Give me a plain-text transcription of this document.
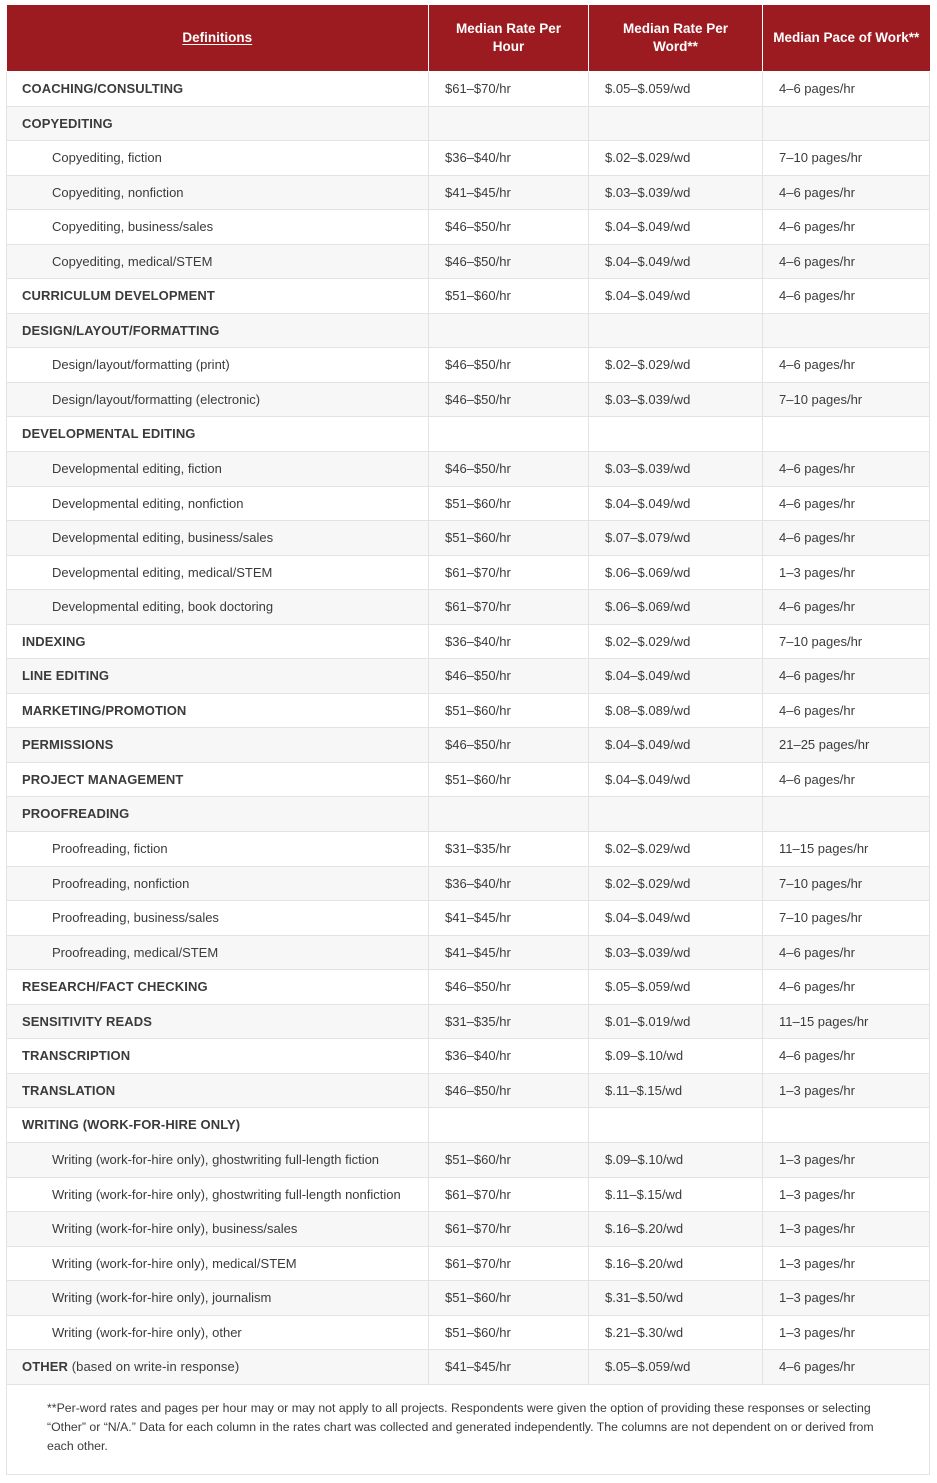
Definitions	Median Rate Per Hour	Median Rate Per Word**	Median Pace of Work**
COACHING/CONSULTING	$61–$70/hr	$.05–$.059/wd	4–6 pages/hr
COPYEDITING			
Copyediting, fiction	$36–$40/hr	$.02–$.029/wd	7–10 pages/hr
Copyediting, nonfiction	$41–$45/hr	$.03–$.039/wd	4–6 pages/hr
Copyediting, business/sales	$46–$50/hr	$.04–$.049/wd	4–6 pages/hr
Copyediting, medical/STEM	$46–$50/hr	$.04–$.049/wd	4–6 pages/hr
CURRICULUM DEVELOPMENT	$51–$60/hr	$.04–$.049/wd	4–6 pages/hr
DESIGN/LAYOUT/FORMATTING			
Design/layout/formatting (print)	$46–$50/hr	$.02–$.029/wd	4–6 pages/hr
Design/layout/formatting (electronic)	$46–$50/hr	$.03–$.039/wd	7–10 pages/hr
DEVELOPMENTAL EDITING			
Developmental editing, fiction	$46–$50/hr	$.03–$.039/wd	4–6 pages/hr
Developmental editing, nonfiction	$51–$60/hr	$.04–$.049/wd	4–6 pages/hr
Developmental editing, business/sales	$51–$60/hr	$.07–$.079/wd	4–6 pages/hr
Developmental editing, medical/STEM	$61–$70/hr	$.06–$.069/wd	1–3 pages/hr
Developmental editing, book doctoring	$61–$70/hr	$.06–$.069/wd	4–6 pages/hr
INDEXING	$36–$40/hr	$.02–$.029/wd	7–10 pages/hr
LINE EDITING	$46–$50/hr	$.04–$.049/wd	4–6 pages/hr
MARKETING/PROMOTION	$51–$60/hr	$.08–$.089/wd	4–6 pages/hr
PERMISSIONS	$46–$50/hr	$.04–$.049/wd	21–25 pages/hr
PROJECT MANAGEMENT	$51–$60/hr	$.04–$.049/wd	4–6 pages/hr
PROOFREADING			
Proofreading, fiction	$31–$35/hr	$.02–$.029/wd	11–15 pages/hr
Proofreading, nonfiction	$36–$40/hr	$.02–$.029/wd	7–10 pages/hr
Proofreading, business/sales	$41–$45/hr	$.04–$.049/wd	7–10 pages/hr
Proofreading, medical/STEM	$41–$45/hr	$.03–$.039/wd	4–6 pages/hr
RESEARCH/FACT CHECKING	$46–$50/hr	$.05–$.059/wd	4–6 pages/hr
SENSITIVITY READS	$31–$35/hr	$.01–$.019/wd	11–15 pages/hr
TRANSCRIPTION	$36–$40/hr	$.09–$.10/wd	4–6 pages/hr
TRANSLATION	$46–$50/hr	$.11–$.15/wd	1–3 pages/hr
WRITING (WORK-FOR-HIRE ONLY)			
Writing (work-for-hire only), ghostwriting full-length fiction	$51–$60/hr	$.09–$.10/wd	1–3 pages/hr
Writing (work-for-hire only), ghostwriting full-length nonfiction	$61–$70/hr	$.11–$.15/wd	1–3 pages/hr
Writing (work-for-hire only), business/sales	$61–$70/hr	$.16–$.20/wd	1–3 pages/hr
Writing (work-for-hire only), medical/STEM	$61–$70/hr	$.16–$.20/wd	1–3 pages/hr
Writing (work-for-hire only), journalism	$51–$60/hr	$.31–$.50/wd	1–3 pages/hr
Writing (work-for-hire only), other	$51–$60/hr	$.21–$.30/wd	1–3 pages/hr
OTHER (based on write-in response)	$41–$45/hr	$.05–$.059/wd	4–6 pages/hr
**Per-word rates and pages per hour may or may not apply to all projects. Respondents were given the option of providing these responses or selecting “Other” or “N/A.” Data for each column in the rates chart was collected and generated independently. The columns are not dependent on or derived from each other.			
